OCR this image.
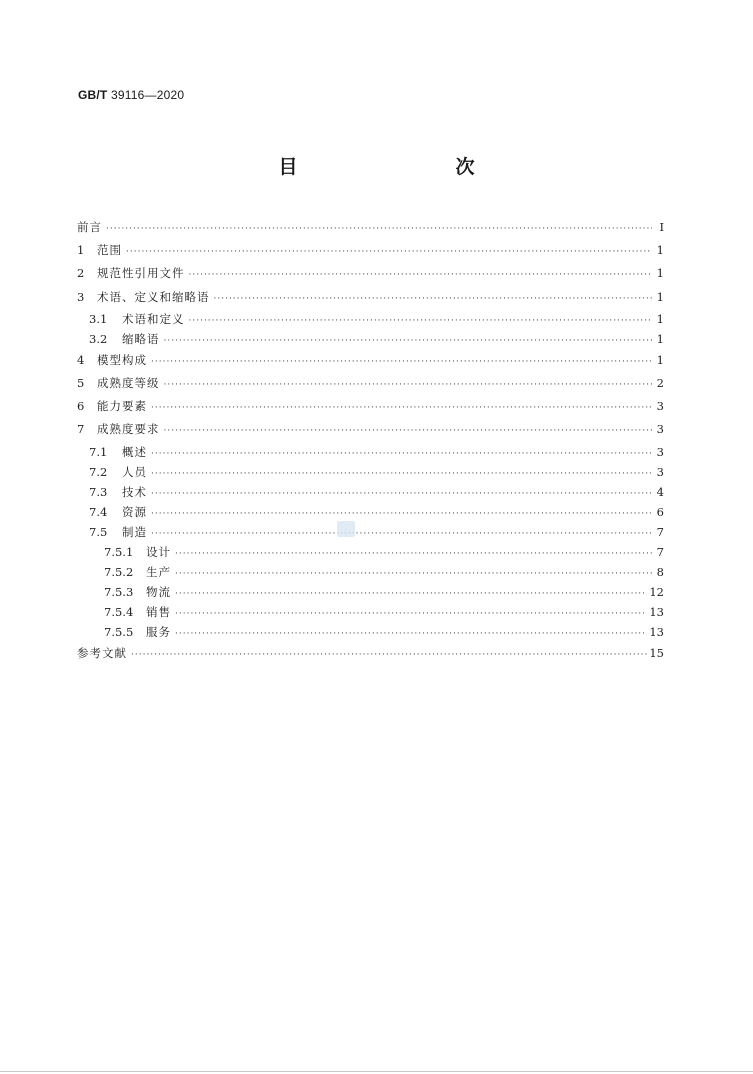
GB/T 39116—2020
目　　次
前言 ·····	Ⅰ
1	范围 ·····	1
2	规范性引用文件 ·····	1
3	术语、定义和缩略语 ·····	1
3.1	术语和定义 ·····	1
3.2	缩略语 ·····	1
4	模型构成 ·····	1
5	成熟度等级 ·····	2
6	能力要素 ·····	3
7	成熟度要求 ·····	3
7.1	概述 ·····	3
7.2	人员 ·····	3
7.3	技术 ·····	4
7.4	资源 ·····	6
7.5	制造 ·····	7
7.5.1	设计 ·····	7
7.5.2	生产 ·····	8
7.5.3	物流 ·····	12
7.5.4	销售 ·····	13
7.5.5	服务 ·····	13
参考文献 ·····	15
